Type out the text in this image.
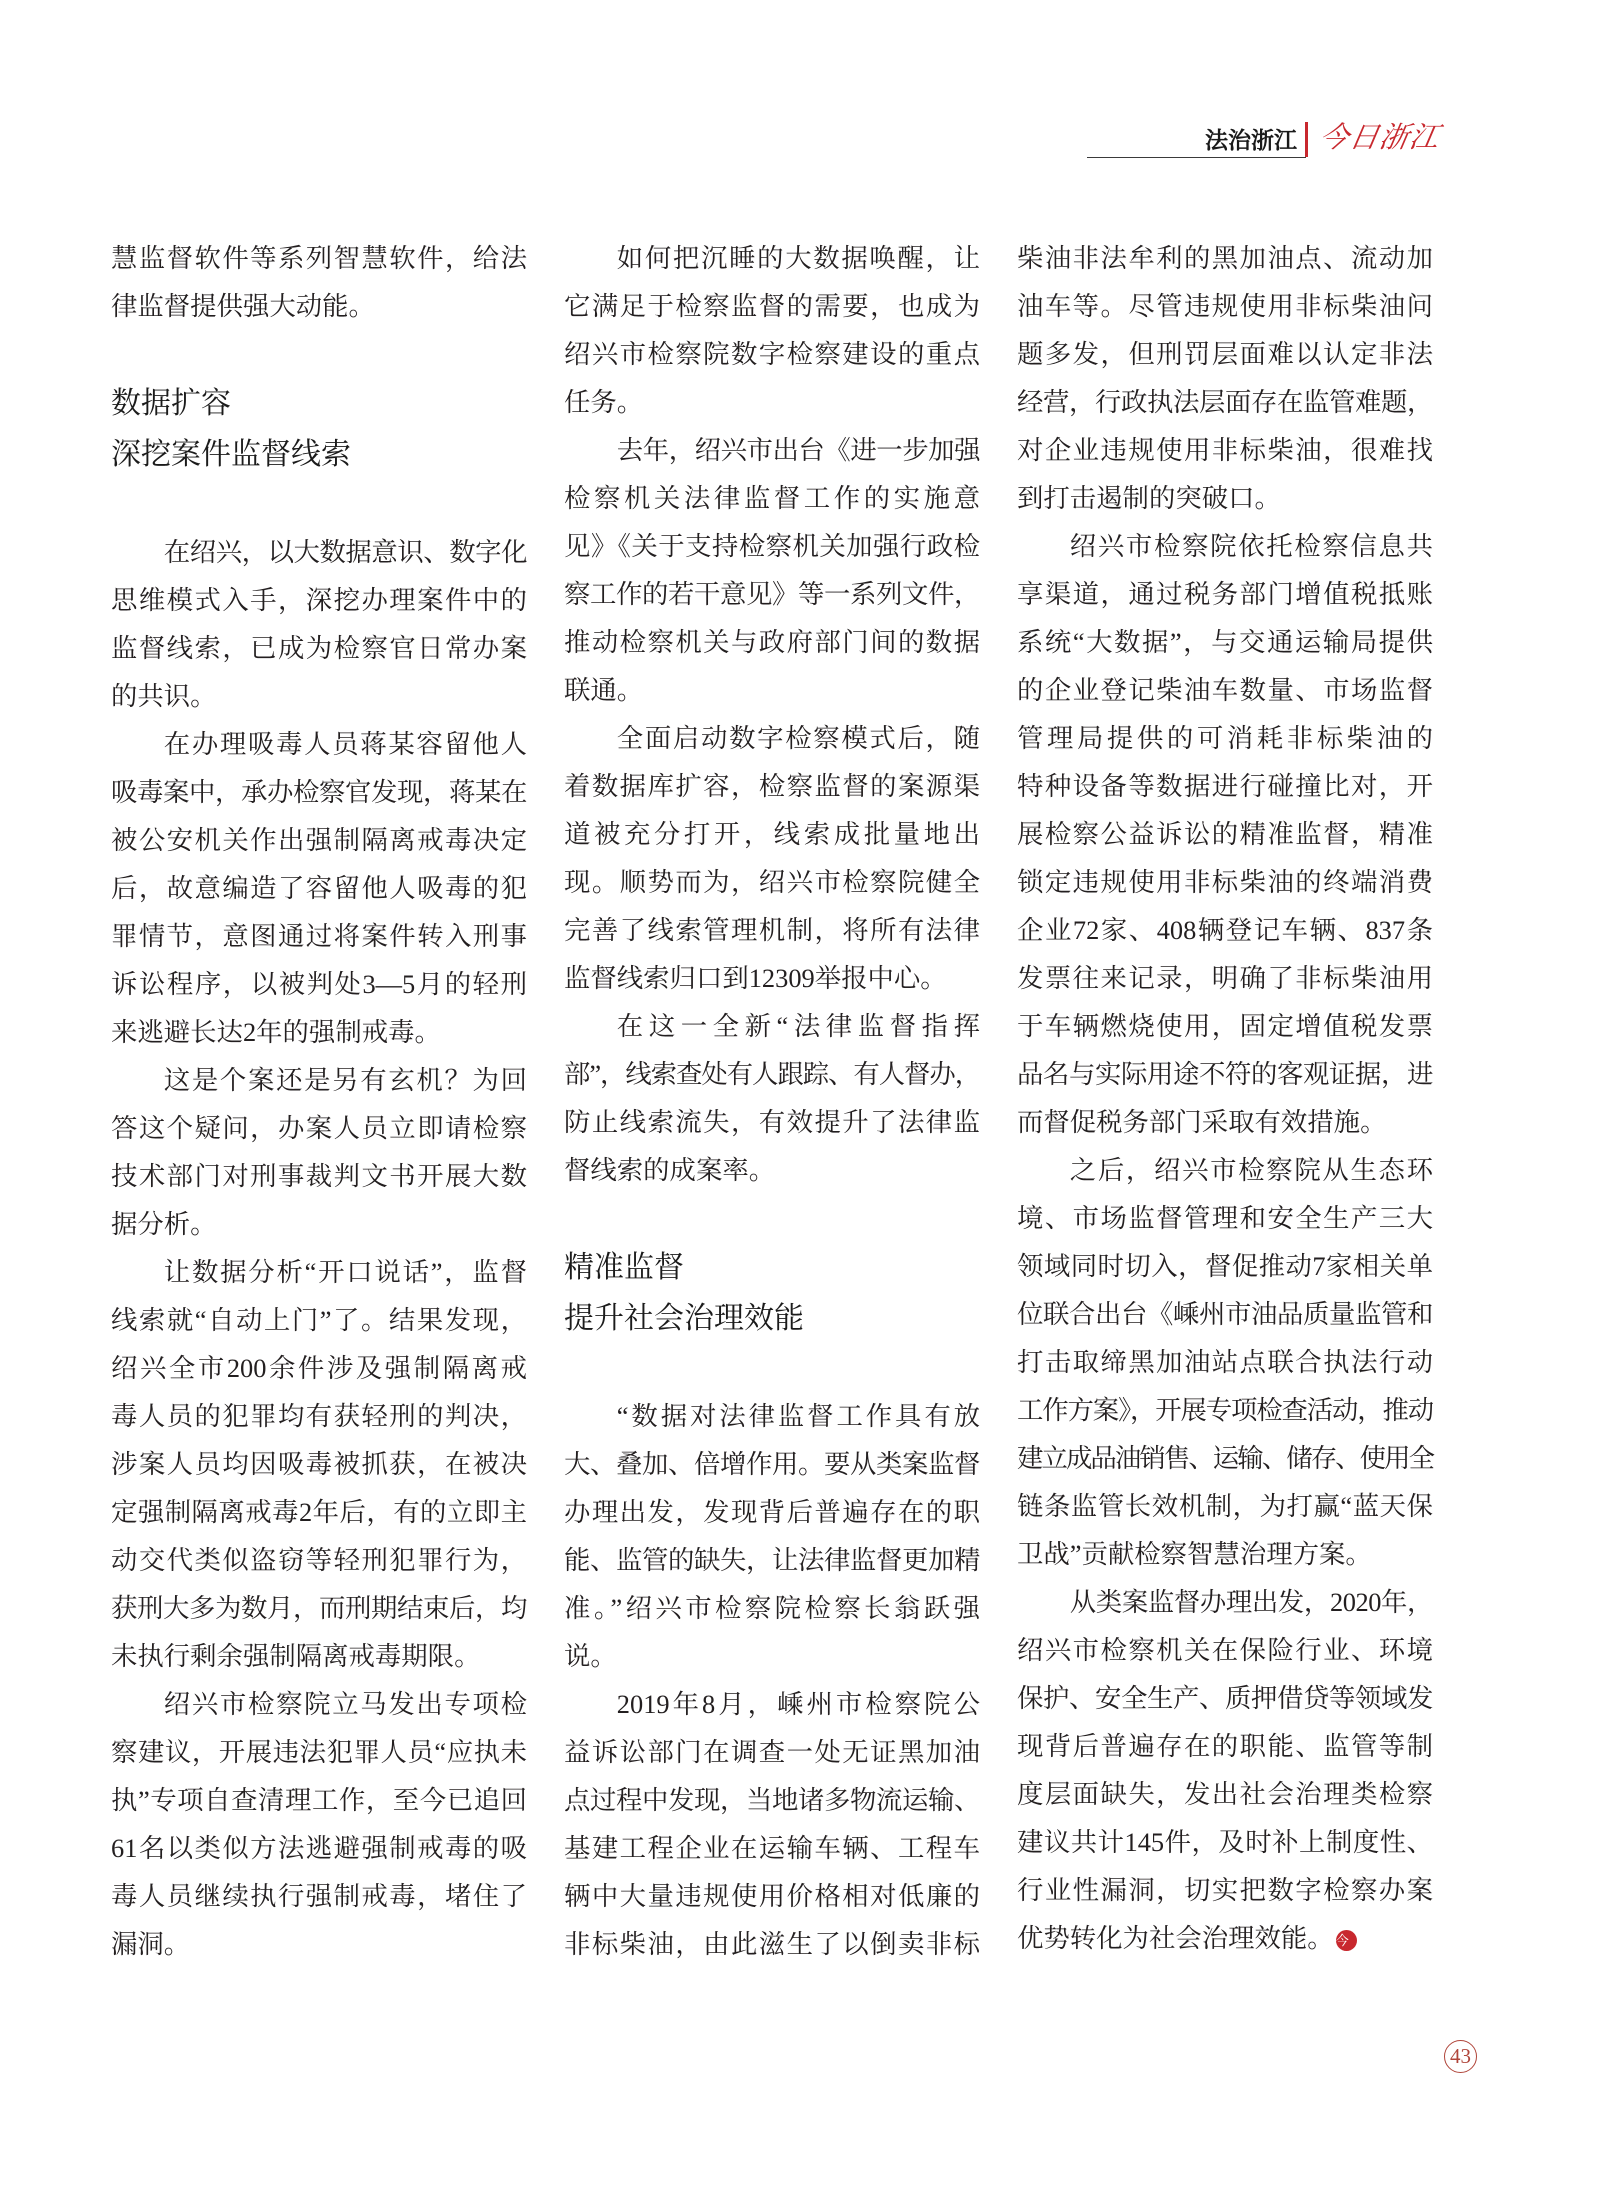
法治浙江 今日浙江
慧监督软件等系列智慧软件，给法
律监督提供强大动能。
数据扩容
深挖案件监督线索
在绍兴，以大数据意识、数字化
思维模式入手，深挖办理案件中的
监督线索，已成为检察官日常办案
的共识。
在办理吸毒人员蒋某容留他人
吸毒案中，承办检察官发现，蒋某在
被公安机关作出强制隔离戒毒决定
后，故意编造了容留他人吸毒的犯
罪情节，意图通过将案件转入刑事
诉讼程序，以被判处3—5月的轻刑
来逃避长达2年的强制戒毒。
这是个案还是另有玄机？为回
答这个疑问，办案人员立即请检察
技术部门对刑事裁判文书开展大数
据分析。
让数据分析“开口说话”，监督
线索就“自动上门”了。结果发现，
绍兴全市200余件涉及强制隔离戒
毒人员的犯罪均有获轻刑的判决，
涉案人员均因吸毒被抓获，在被决
定强制隔离戒毒2年后，有的立即主
动交代类似盗窃等轻刑犯罪行为，
获刑大多为数月，而刑期结束后，均
未执行剩余强制隔离戒毒期限。
绍兴市检察院立马发出专项检
察建议，开展违法犯罪人员“应执未
执”专项自查清理工作，至今已追回
61名以类似方法逃避强制戒毒的吸
毒人员继续执行强制戒毒，堵住了
漏洞。
如何把沉睡的大数据唤醒，让
它满足于检察监督的需要，也成为
绍兴市检察院数字检察建设的重点
任务。
去年，绍兴市出台《进一步加强
检察机关法律监督工作的实施意
见》《关于支持检察机关加强行政检
察工作的若干意见》等一系列文件，
推动检察机关与政府部门间的数据
联通。
全面启动数字检察模式后，随
着数据库扩容，检察监督的案源渠
道被充分打开，线索成批量地出
现。顺势而为，绍兴市检察院健全
完善了线索管理机制，将所有法律
监督线索归口到12309举报中心。
在这一全新“法律监督指挥
部”，线索查处有人跟踪、有人督办，
防止线索流失，有效提升了法律监
督线索的成案率。
精准监督
提升社会治理效能
“数据对法律监督工作具有放
大、叠加、倍增作用。要从类案监督
办理出发，发现背后普遍存在的职
能、监管的缺失，让法律监督更加精
准。”绍兴市检察院检察长翁跃强
说。
2019年8月，嵊州市检察院公
益诉讼部门在调查一处无证黑加油
点过程中发现，当地诸多物流运输、
基建工程企业在运输车辆、工程车
辆中大量违规使用价格相对低廉的
非标柴油，由此滋生了以倒卖非标
柴油非法牟利的黑加油点、流动加
油车等。尽管违规使用非标柴油问
题多发，但刑罚层面难以认定非法
经营，行政执法层面存在监管难题，
对企业违规使用非标柴油，很难找
到打击遏制的突破口。
绍兴市检察院依托检察信息共
享渠道，通过税务部门增值税抵账
系统“大数据”，与交通运输局提供
的企业登记柴油车数量、市场监督
管理局提供的可消耗非标柴油的
特种设备等数据进行碰撞比对，开
展检察公益诉讼的精准监督，精准
锁定违规使用非标柴油的终端消费
企业72家、408辆登记车辆、837条
发票往来记录，明确了非标柴油用
于车辆燃烧使用，固定增值税发票
品名与实际用途不符的客观证据，进
而督促税务部门采取有效措施。
之后，绍兴市检察院从生态环
境、市场监督管理和安全生产三大
领域同时切入，督促推动7家相关单
位联合出台《嵊州市油品质量监管和
打击取缔黑加油站点联合执法行动
工作方案》，开展专项检查活动，推动
建立成品油销售、运输、储存、使用全
链条监管长效机制，为打赢“蓝天保
卫战”贡献检察智慧治理方案。
从类案监督办理出发，2020年，
绍兴市检察机关在保险行业、环境
保护、安全生产、质押借贷等领域发
现背后普遍存在的职能、监管等制
度层面缺失，发出社会治理类检察
建议共计145件，及时补上制度性、
行业性漏洞，切实把数字检察办案
优势转化为社会治理效能。 今
43
